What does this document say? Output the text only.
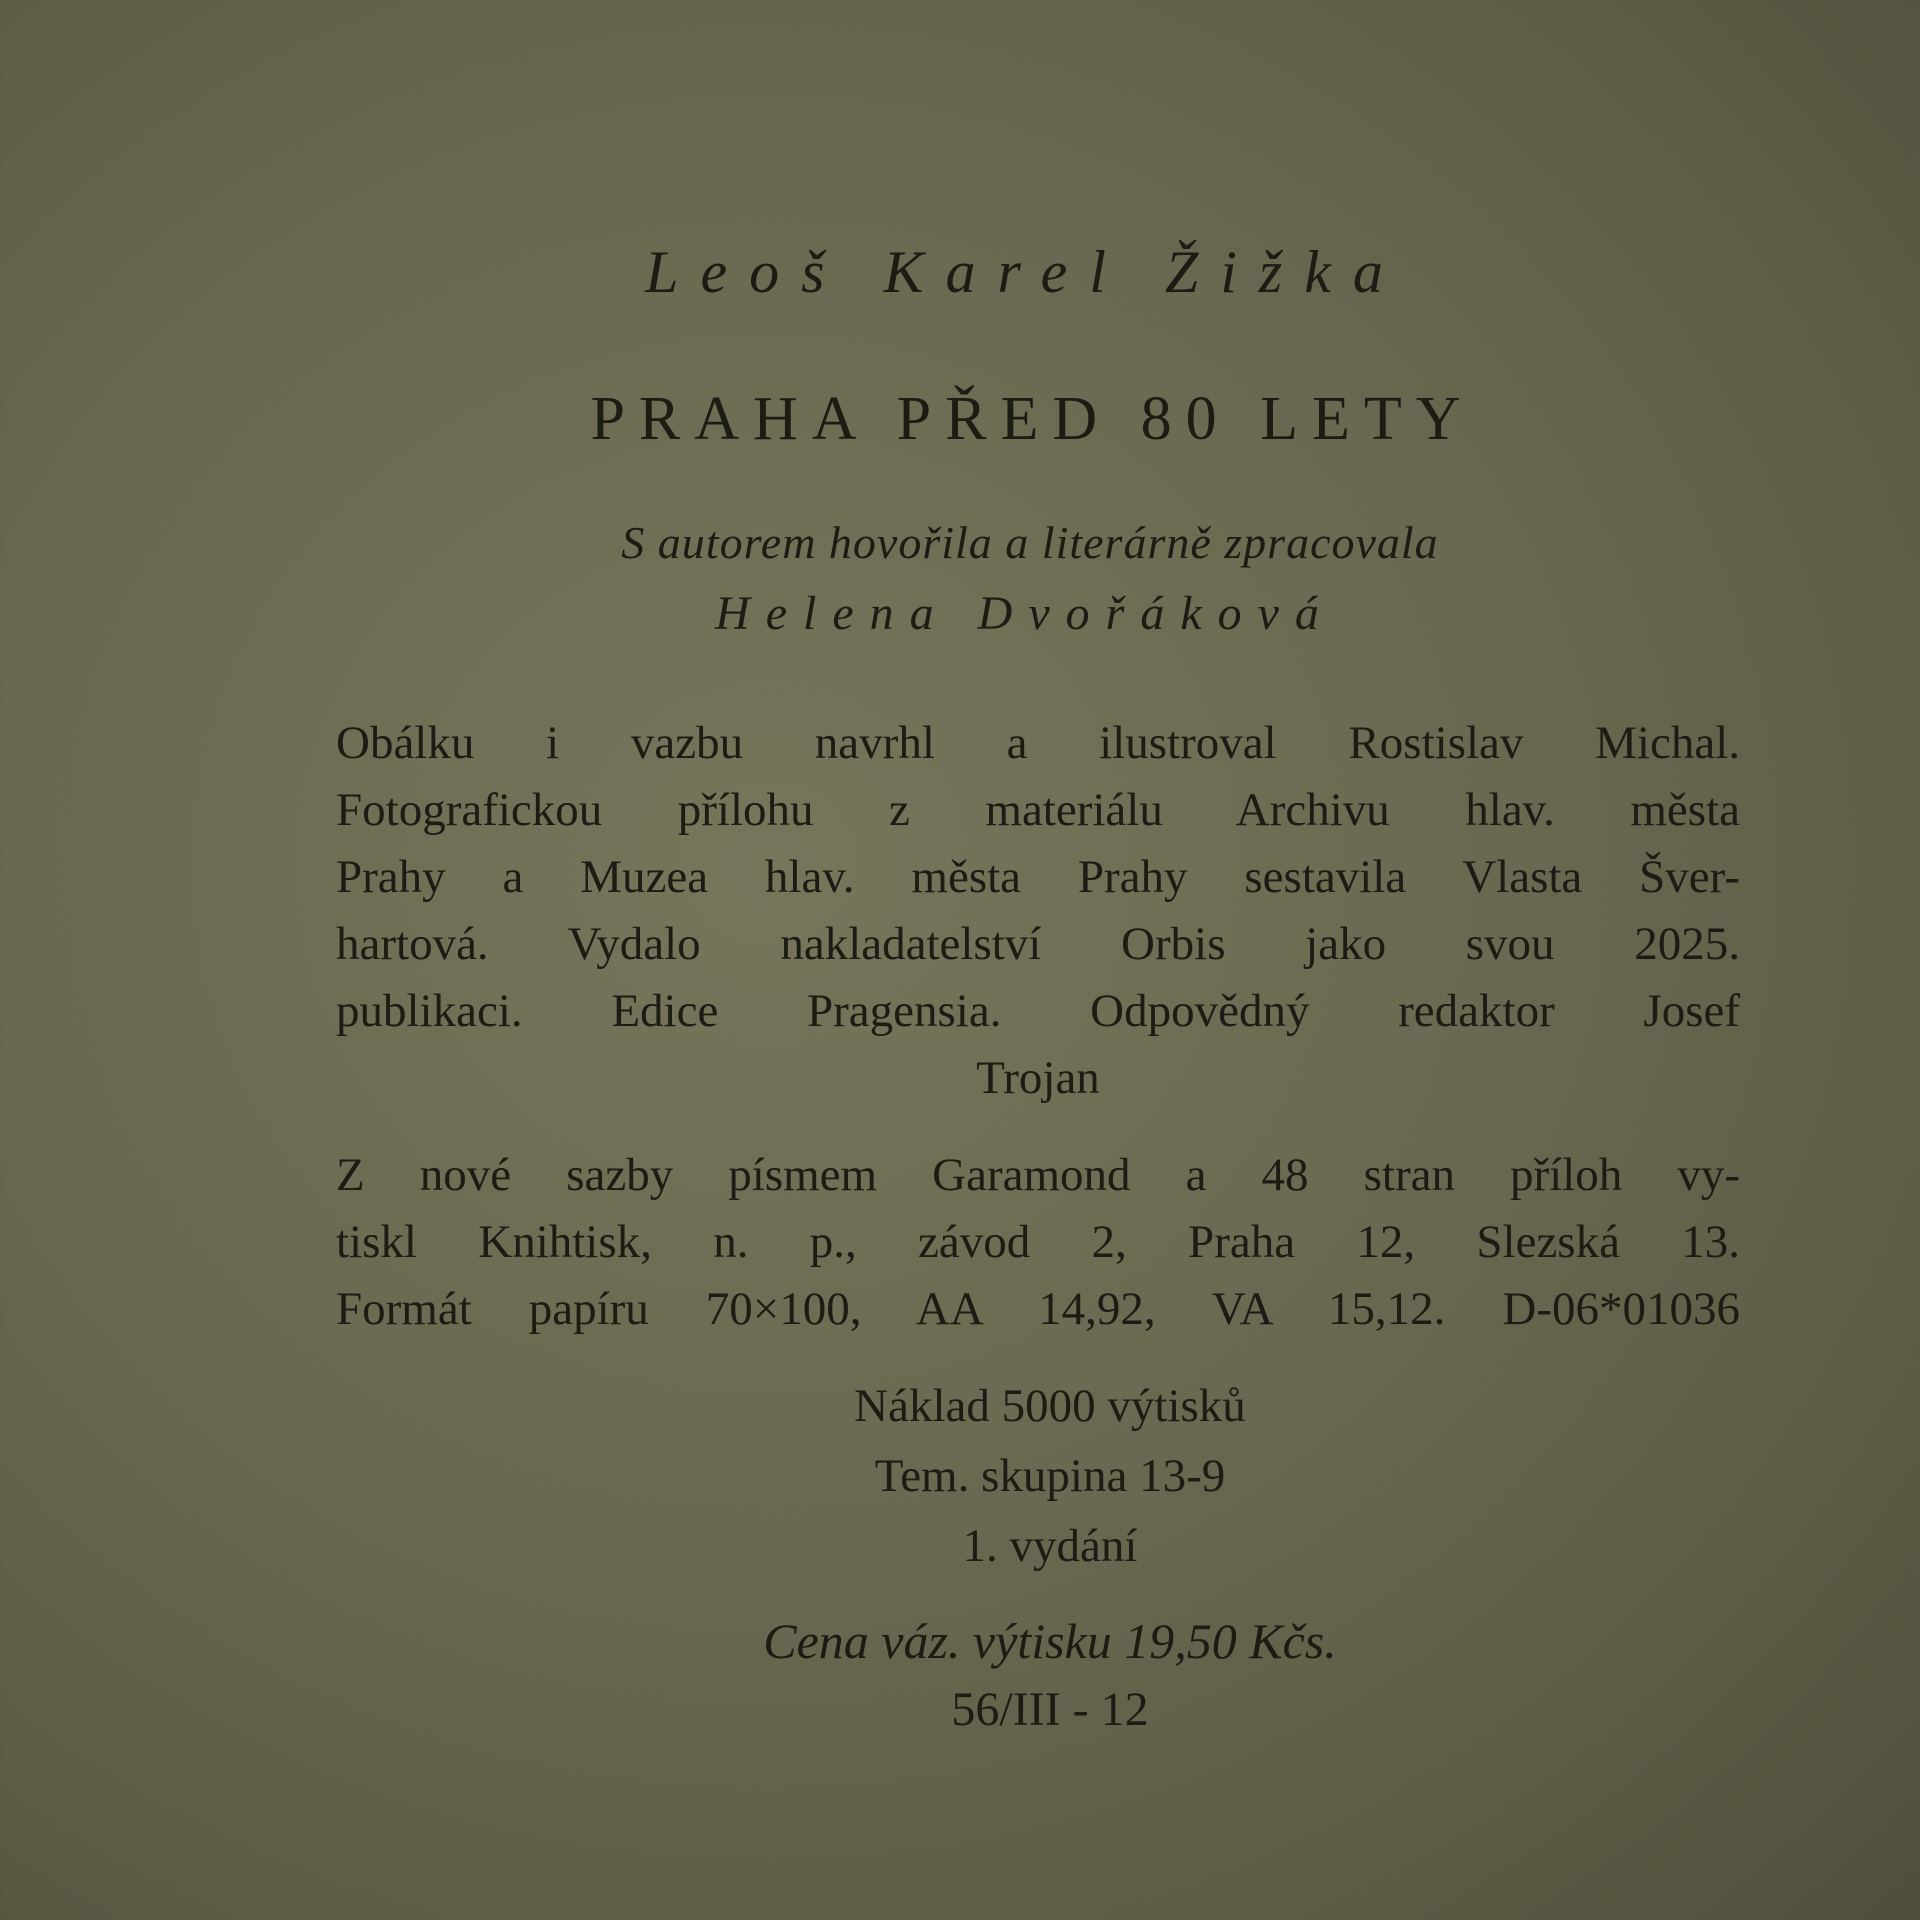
Leoš Karel Žižka
PRAHA PŘED 80 LETY
S autorem hovořila a literárně zpracovala
Helena Dvořáková
Obálku i vazbu navrhl a ilustroval Rostislav Michal.
Fotografickou přílohu z materiálu Archivu hlav. města
Prahy a Muzea hlav. města Prahy sestavila Vlasta Šver-
hartová. Vydalo nakladatelství Orbis jako svou 2025.
publikaci. Edice Pragensia. Odpovědný redaktor Josef
Trojan
Z nové sazby písmem Garamond a 48 stran příloh vy-
tiskl Knihtisk, n. p., závod 2, Praha 12, Slezská 13.
Formát papíru 70×100, AA 14,92, VA 15,12. D-06*01036
Náklad 5000 výtisků
Tem. skupina 13-9
1. vydání
Cena váz. výtisku 19,50 Kčs.
56/III - 12
